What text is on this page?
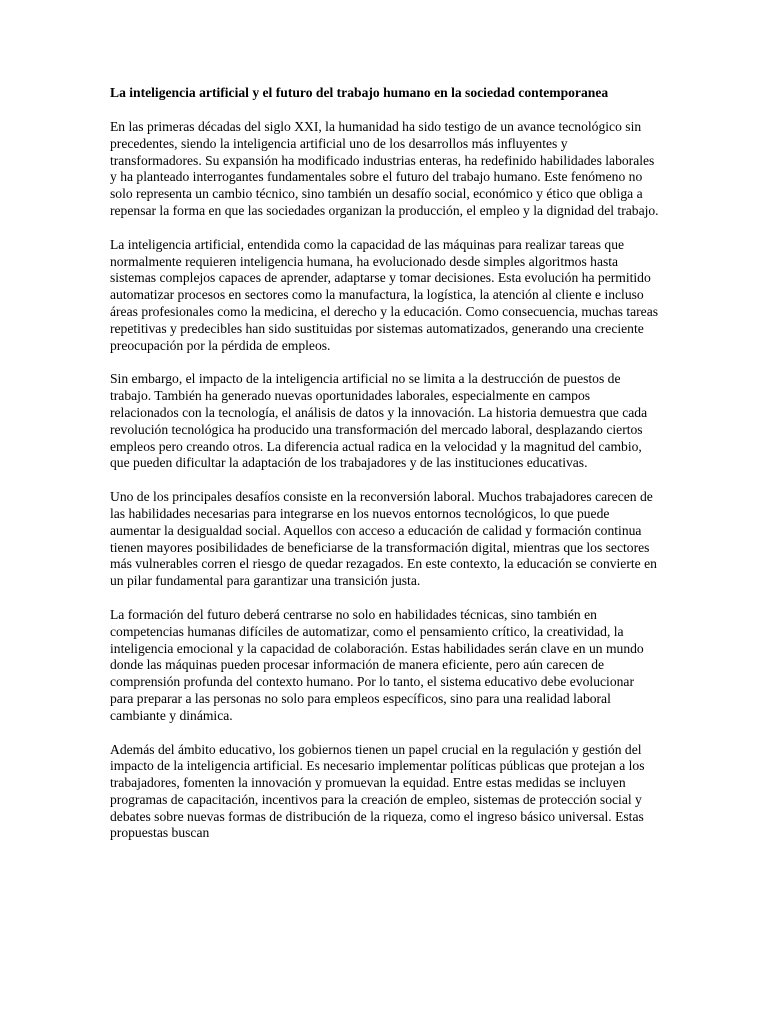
La inteligencia artificial y el futuro del trabajo humano en la sociedad contemporanea

En las primeras décadas del siglo XXI, la humanidad ha sido testigo de un avance tecnológico sin precedentes, siendo la inteligencia artificial uno de los desarrollos más influyentes y transformadores. Su expansión ha modificado industrias enteras, ha redefinido habilidades laborales y ha planteado interrogantes fundamentales sobre el futuro del trabajo humano. Este fenómeno no solo representa un cambio técnico, sino también un desafío social, económico y ético que obliga a repensar la forma en que las sociedades organizan la producción, el empleo y la dignidad del trabajo.

La inteligencia artificial, entendida como la capacidad de las máquinas para realizar tareas que normalmente requieren inteligencia humana, ha evolucionado desde simples algoritmos hasta sistemas complejos capaces de aprender, adaptarse y tomar decisiones. Esta evolución ha permitido automatizar procesos en sectores como la manufactura, la logística, la atención al cliente e incluso áreas profesionales como la medicina, el derecho y la educación. Como consecuencia, muchas tareas repetitivas y predecibles han sido sustituidas por sistemas automatizados, generando una creciente preocupación por la pérdida de empleos.

Sin embargo, el impacto de la inteligencia artificial no se limita a la destrucción de puestos de trabajo. También ha generado nuevas oportunidades laborales, especialmente en campos relacionados con la tecnología, el análisis de datos y la innovación. La historia demuestra que cada revolución tecnológica ha producido una transformación del mercado laboral, desplazando ciertos empleos pero creando otros. La diferencia actual radica en la velocidad y la magnitud del cambio, que pueden dificultar la adaptación de los trabajadores y de las instituciones educativas.

Uno de los principales desafíos consiste en la reconversión laboral. Muchos trabajadores carecen de las habilidades necesarias para integrarse en los nuevos entornos tecnológicos, lo que puede aumentar la desigualdad social. Aquellos con acceso a educación de calidad y formación continua tienen mayores posibilidades de beneficiarse de la transformación digital, mientras que los sectores más vulnerables corren el riesgo de quedar rezagados. En este contexto, la educación se convierte en un pilar fundamental para garantizar una transición justa.

La formación del futuro deberá centrarse no solo en habilidades técnicas, sino también en competencias humanas difíciles de automatizar, como el pensamiento crítico, la creatividad, la inteligencia emocional y la capacidad de colaboración. Estas habilidades serán clave en un mundo donde las máquinas pueden procesar información de manera eficiente, pero aún carecen de comprensión profunda del contexto humano. Por lo tanto, el sistema educativo debe evolucionar para preparar a las personas no solo para empleos específicos, sino para una realidad laboral cambiante y dinámica.

Además del ámbito educativo, los gobiernos tienen un papel crucial en la regulación y gestión del impacto de la inteligencia artificial. Es necesario implementar políticas públicas que protejan a los trabajadores, fomenten la innovación y promuevan la equidad. Entre estas medidas se incluyen programas de capacitación, incentivos para la creación de empleo, sistemas de protección social y debates sobre nuevas formas de distribución de la riqueza, como el ingreso básico universal. Estas propuestas buscan
